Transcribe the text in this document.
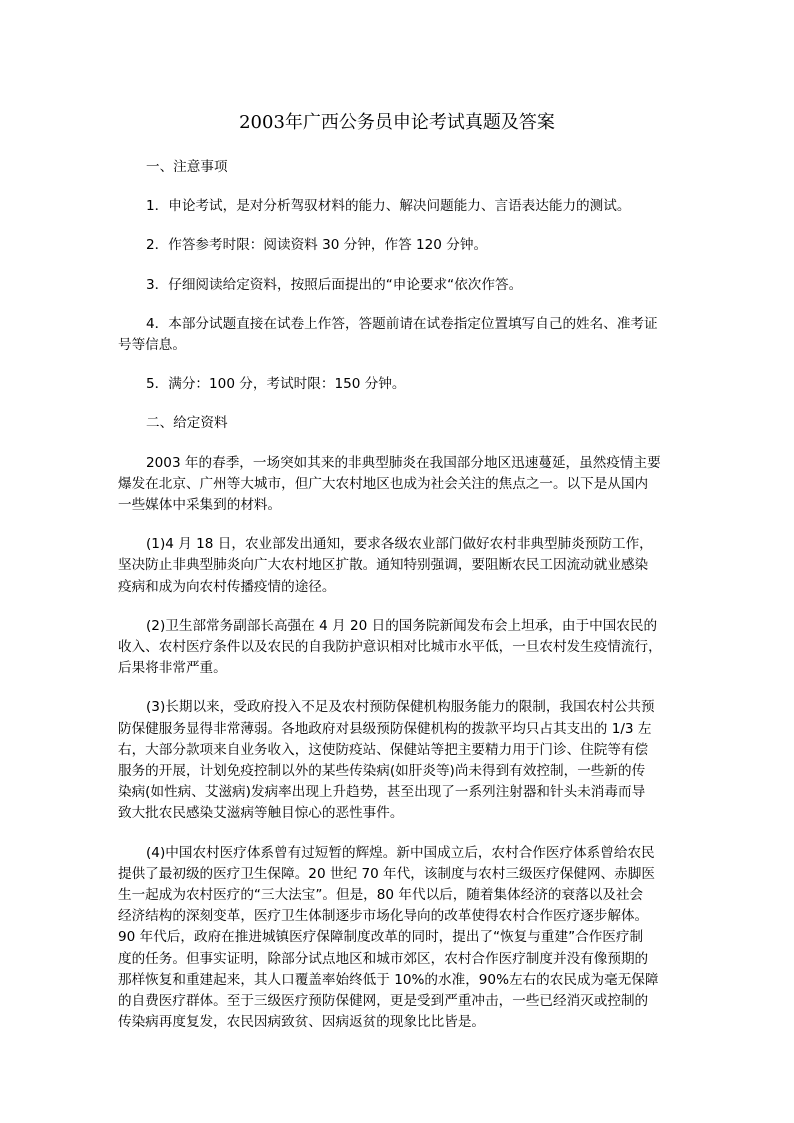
2003年广西公务员申论考试真题及答案
一、注意事项
1．申论考试，是对分析驾驭材料的能力、解决问题能力、言语表达能力的测试。
2．作答参考时限：阅读资料 30 分钟，作答 120 分钟。
3．仔细阅读给定资料，按照后面提出的“申论要求“依次作答。
4．本部分试题直接在试卷上作答，答题前请在试卷指定位置填写自己的姓名、准考证
号等信息。
5．满分：100 分，考试时限：150 分钟。
二、给定资料
2003 年的春季，一场突如其来的非典型肺炎在我国部分地区迅速蔓延，虽然疫情主要
爆发在北京、广州等大城市，但广大农村地区也成为社会关注的焦点之一。以下是从国内
一些媒体中采集到的材料。
(1)4 月 18 日，农业部发出通知，要求各级农业部门做好农村非典型肺炎预防工作，
坚决防止非典型肺炎向广大农村地区扩散。通知特别强调，要阻断农民工因流动就业感染
疫病和成为向农村传播疫情的途径。
(2)卫生部常务副部长高强在 4 月 20 日的国务院新闻发布会上坦承，由于中国农民的
收入、农村医疗条件以及农民的自我防护意识相对比城市水平低，一旦农村发生疫情流行，
后果将非常严重。
(3)长期以来，受政府投入不足及农村预防保健机构服务能力的限制，我国农村公共预
防保健服务显得非常薄弱。各地政府对县级预防保健机构的拨款平均只占其支出的 1/3 左
右，大部分款项来自业务收入，这使防疫站、保健站等把主要精力用于门诊、住院等有偿
服务的开展，计划免疫控制以外的某些传染病(如肝炎等)尚未得到有效控制，一些新的传
染病(如性病、艾滋病)发病率出现上升趋势，甚至出现了一系列注射器和针头未消毒而导
致大批农民感染艾滋病等触目惊心的恶性事件。
(4)中国农村医疗体系曾有过短暂的辉煌。新中国成立后，农村合作医疗体系曾给农民
提供了最初级的医疗卫生保障。20 世纪 70 年代，该制度与农村三级医疗保健网、赤脚医
生一起成为农村医疗的“三大法宝”。但是，80 年代以后，随着集体经济的衰落以及社会
经济结构的深刻变革，医疗卫生体制逐步市场化导向的改革使得农村合作医疗逐步解体。
90 年代后，政府在推进城镇医疗保障制度改革的同时，提出了“恢复与重建”合作医疗制
度的任务。但事实证明，除部分试点地区和城市郊区，农村合作医疗制度并没有像预期的
那样恢复和重建起来，其人口覆盖率始终低于 10%的水准，90%左右的农民成为毫无保障
的自费医疗群体。至于三级医疗预防保健网，更是受到严重冲击，一些已经消灭或控制的
传染病再度复发，农民因病致贫、因病返贫的现象比比皆是。
